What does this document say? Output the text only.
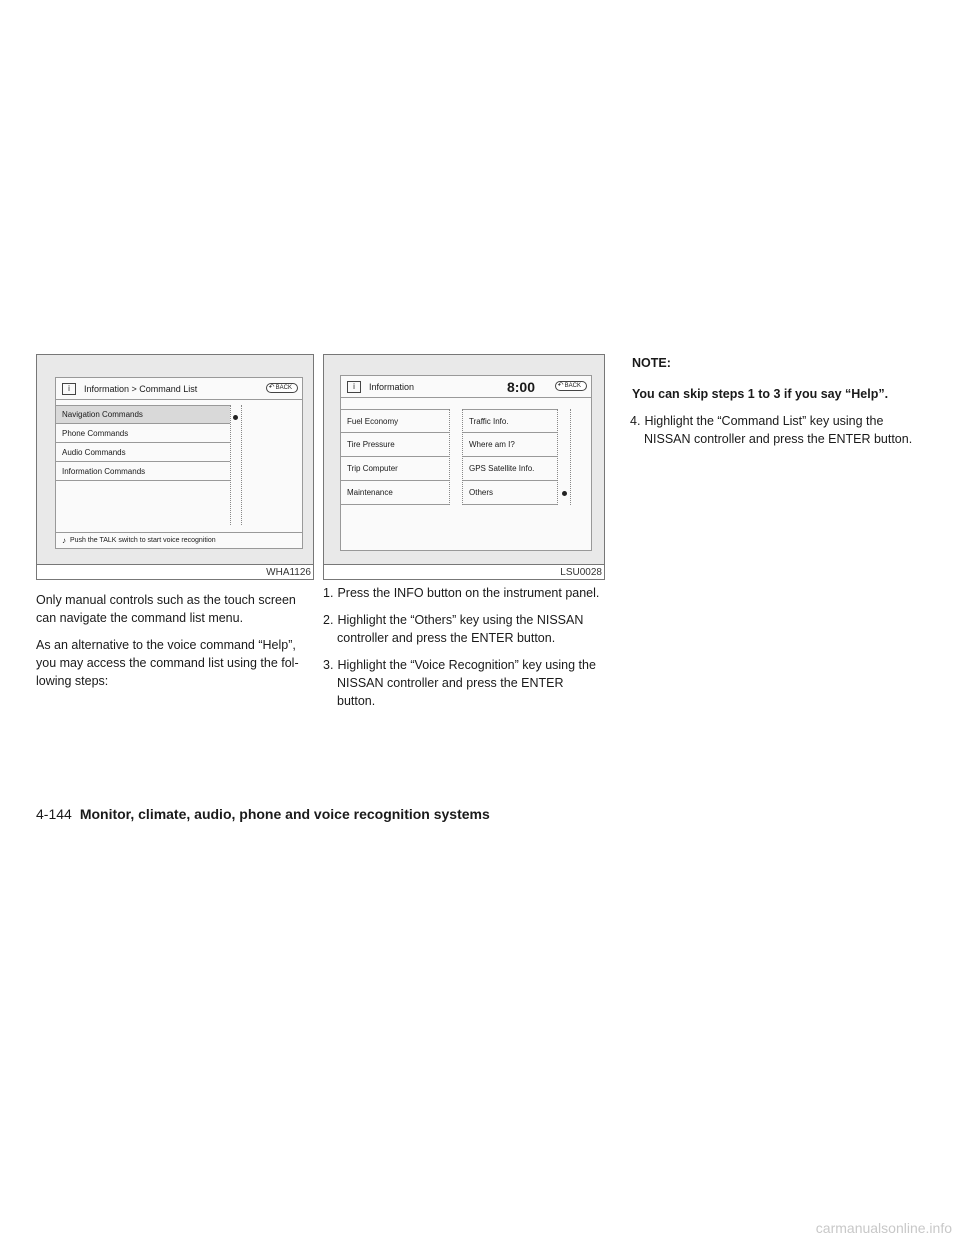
i	Information > Command List	↶ BACK
Navigation Commands
Phone Commands
Audio Commands
Information Commands
♪ Push the TALK switch to start voice recognition
WHA1126
i	Information	8:00	↶ BACK
Fuel Economy	Traffic Info.
Tire Pressure	Where am I?
Trip Computer	GPS Satellite Info.
Maintenance	Others
LSU0028

Only manual controls such as the touch screen can navigate the command list menu.

As an alternative to the voice command “Help”, you may access the command list using the fol-lowing steps:

1. Press the INFO button on the instrument panel.

2. Highlight the “Others” key using the NISSAN controller and press the ENTER button.

3. Highlight the “Voice Recognition” key using the NISSAN controller and press the ENTER button.

NOTE:
You can skip steps 1 to 3 if you say “Help”.

4. Highlight the “Command List” key using the NISSAN controller and press the ENTER button.

4-144 Monitor, climate, audio, phone and voice recognition systems
carmanualsonline.info
